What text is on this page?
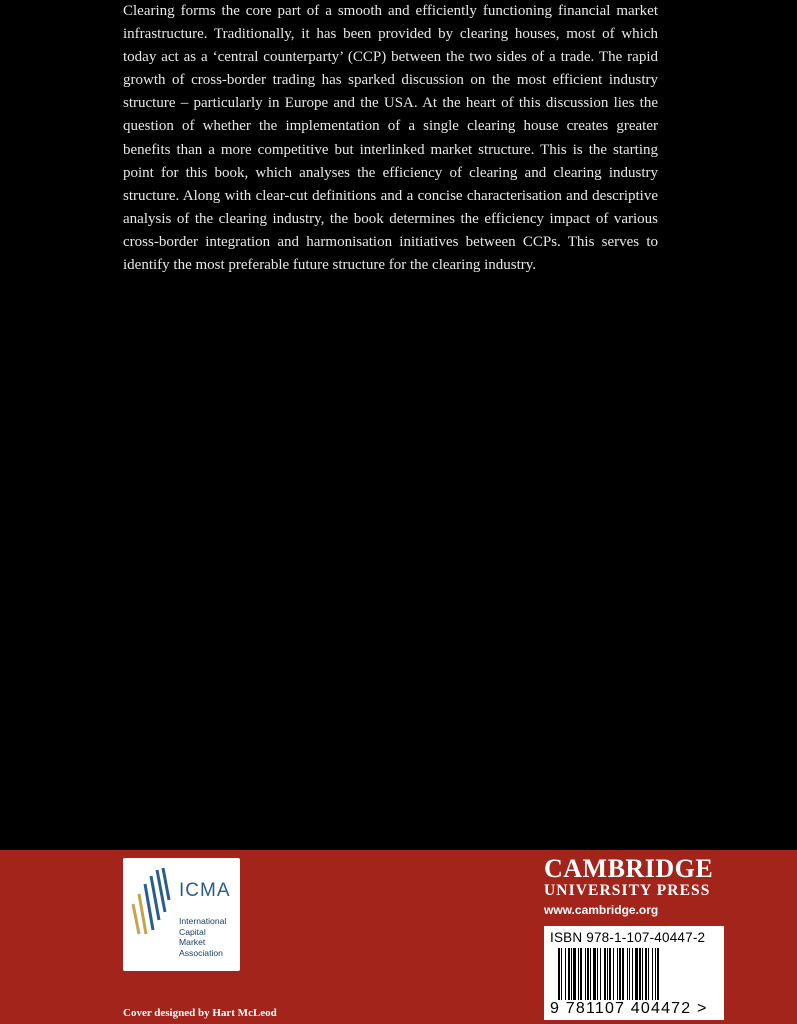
Clearing forms the core part of a smooth and efficiently functioning financial market infrastructure. Traditionally, it has been provided by clearing houses, most of which today act as a ‘central counterparty’ (CCP) between the two sides of a trade. The rapid growth of cross-border trading has sparked discussion on the most efficient industry structure – particularly in Europe and the USA. At the heart of this discussion lies the question of whether the implementation of a single clearing house creates greater benefits than a more competitive but interlinked market structure. This is the starting point for this book, which analyses the efficiency of clearing and clearing industry structure. Along with clear-cut definitions and a concise characterisation and descriptive analysis of the clearing industry, the book determines the efficiency impact of various cross-border integration and harmonisation initiatives between CCPs. This serves to identify the most preferable future structure for the clearing industry.

ICMA
International
Capital
Market
Association
CAMBRIDGE
UNIVERSITY PRESS
www.cambridge.org
ISBN 978-1-107-40447-2
9 781107 404472 >
Cover designed by Hart McLeod
